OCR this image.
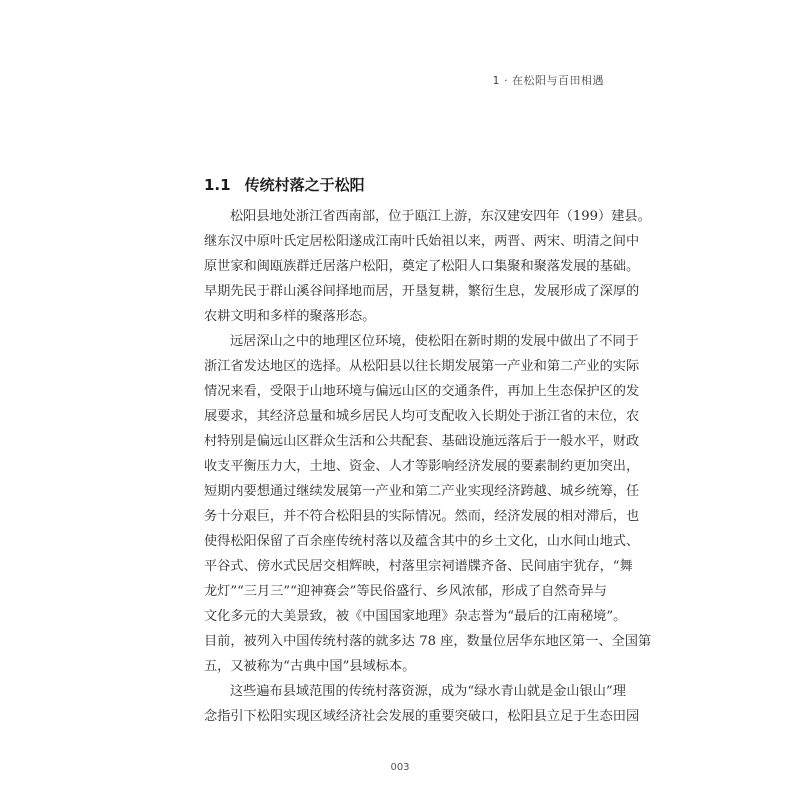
1 · 在松阳与百田相遇
1.1 传统村落之于松阳
松阳县地处浙江省西南部，位于瓯江上游，东汉建安四年（199）建县。
继东汉中原叶氏定居松阳遂成江南叶氏始祖以来，两晋、两宋、明清之间中
原世家和闽瓯族群迁居落户松阳，奠定了松阳人口集聚和聚落发展的基础。
早期先民于群山溪谷间择地而居，开垦复耕，繁衍生息，发展形成了深厚的
农耕文明和多样的聚落形态。
远居深山之中的地理区位环境，使松阳在新时期的发展中做出了不同于
浙江省发达地区的选择。从松阳县以往长期发展第一产业和第二产业的实际
情况来看，受限于山地环境与偏远山区的交通条件，再加上生态保护区的发
展要求，其经济总量和城乡居民人均可支配收入长期处于浙江省的末位，农
村特别是偏远山区群众生活和公共配套、基础设施远落后于一般水平，财政
收支平衡压力大，土地、资金、人才等影响经济发展的要素制约更加突出，
短期内要想通过继续发展第一产业和第二产业实现经济跨越、城乡统筹，任
务十分艰巨，并不符合松阳县的实际情况。然而，经济发展的相对滞后，也
使得松阳保留了百余座传统村落以及蕴含其中的乡土文化，山水间山地式、
平谷式、傍水式民居交相辉映，村落里宗祠谱牒齐备、民间庙宇犹存，“舞
龙灯”“三月三”“迎神赛会”等民俗盛行、乡风浓郁，形成了自然奇异与
文化多元的大美景致，被《中国国家地理》杂志誉为“最后的江南秘境”。
目前，被列入中国传统村落的就多达 78 座，数量位居华东地区第一、全国第
五，又被称为“古典中国”县域标本。
这些遍布县域范围的传统村落资源，成为“绿水青山就是金山银山”理
念指引下松阳实现区域经济社会发展的重要突破口，松阳县立足于生态田园
003
